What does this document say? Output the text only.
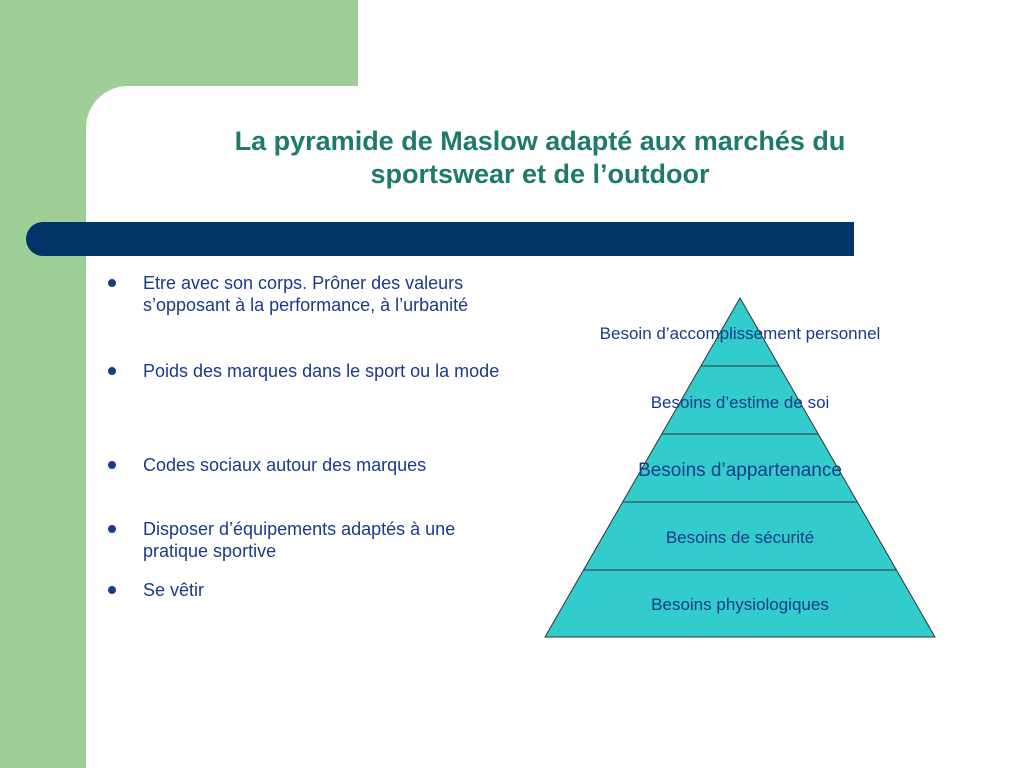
La pyramide de Maslow adapté aux marchés du
sportswear et de l’outdoor
Etre avec son corps. Prôner des valeurs s’opposant à la performance, à l’urbanité
Poids des marques dans le sport ou la mode
Codes sociaux autour des marques
Disposer d’équipements adaptés à une pratique sportive
Se vêtir
Besoin d’accomplissement personnel
Besoins d’estime de soi
Besoins d’appartenance
Besoins de sécurité
Besoins physiologiques
